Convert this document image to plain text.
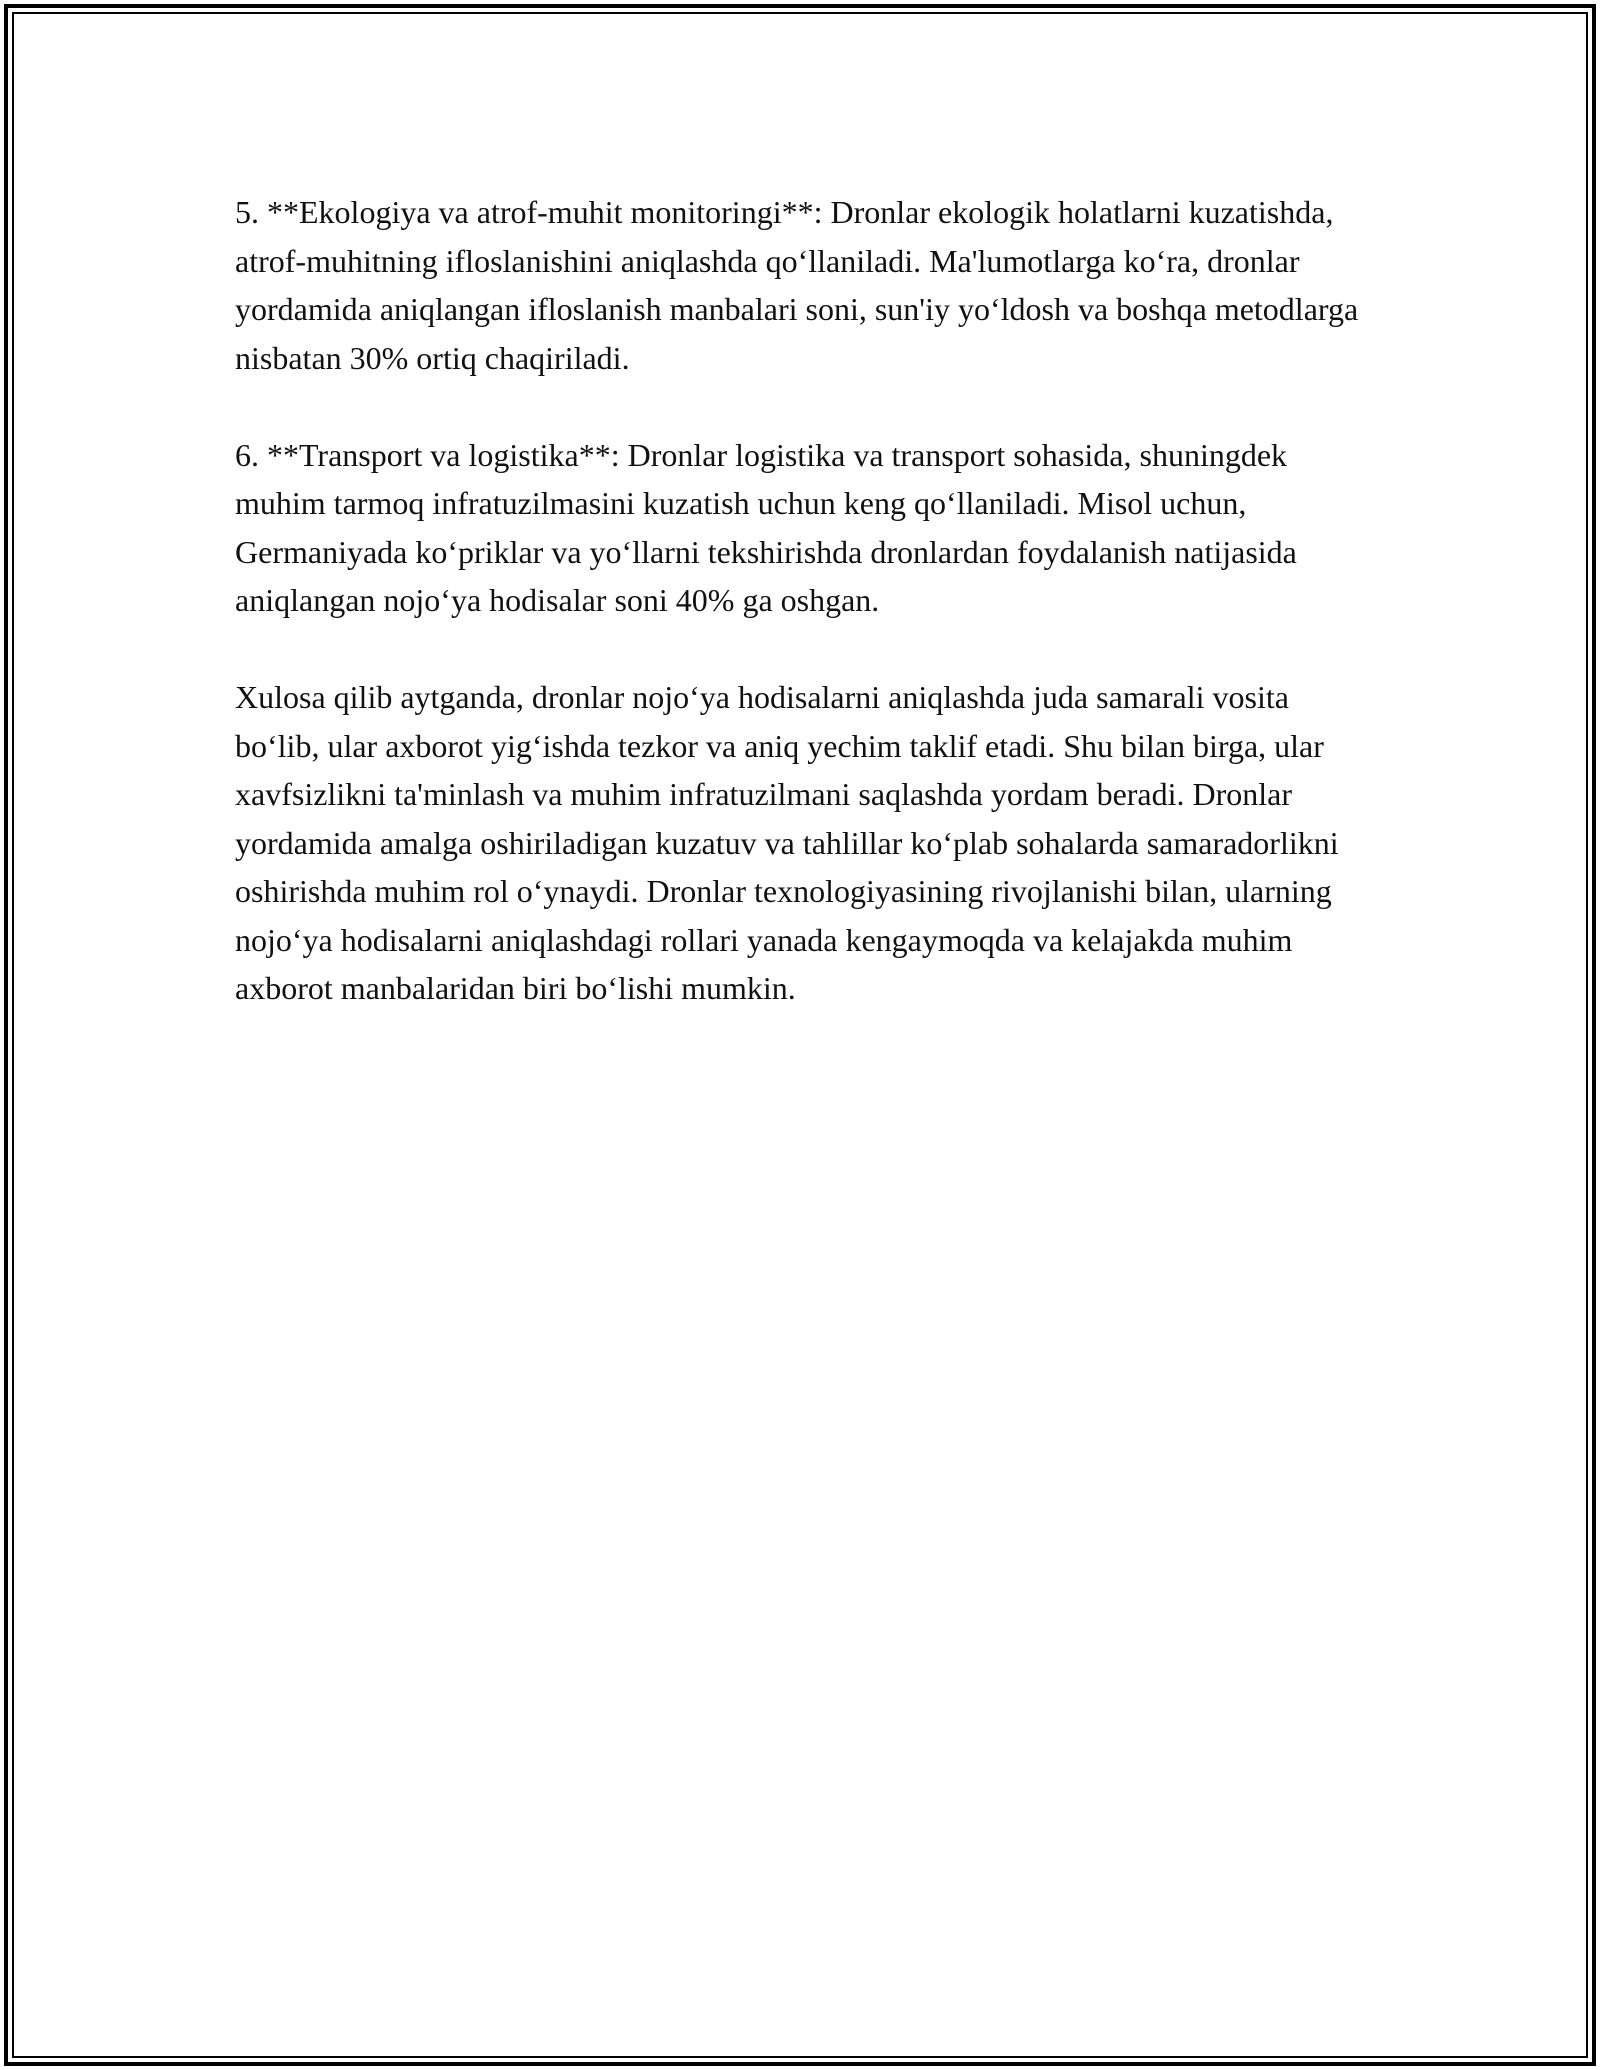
5. **Ekologiya va atrof-muhit monitoringi**: Dronlar ekologik holatlarni kuzatishda, atrof-muhitning ifloslanishini aniqlashda qo‘llaniladi. Ma'lumotlarga ko‘ra, dronlar yordamida aniqlangan ifloslanish manbalari soni, sun'iy yo‘ldosh va boshqa metodlarga nisbatan 30% ortiq chaqiriladi.

6. **Transport va logistika**: Dronlar logistika va transport sohasida, shuningdek muhim tarmoq infratuzilmasini kuzatish uchun keng qo‘llaniladi. Misol uchun, Germaniyada ko‘priklar va yo‘llarni tekshirishda dronlardan foydalanish natijasida aniqlangan nojo‘ya hodisalar soni 40% ga oshgan.

Xulosa qilib aytganda, dronlar nojo‘ya hodisalarni aniqlashda juda samarali vosita bo‘lib, ular axborot yig‘ishda tezkor va aniq yechim taklif etadi. Shu bilan birga, ular xavfsizlikni ta'minlash va muhim infratuzilmani saqlashda yordam beradi. Dronlar yordamida amalga oshiriladigan kuzatuv va tahlillar ko‘plab sohalarda samaradorlikni oshirishda muhim rol o‘ynaydi. Dronlar texnologiyasining rivojlanishi bilan, ularning nojo‘ya hodisalarni aniqlashdagi rollari yanada kengaymoqda va kelajakda muhim axborot manbalaridan biri bo‘lishi mumkin.
